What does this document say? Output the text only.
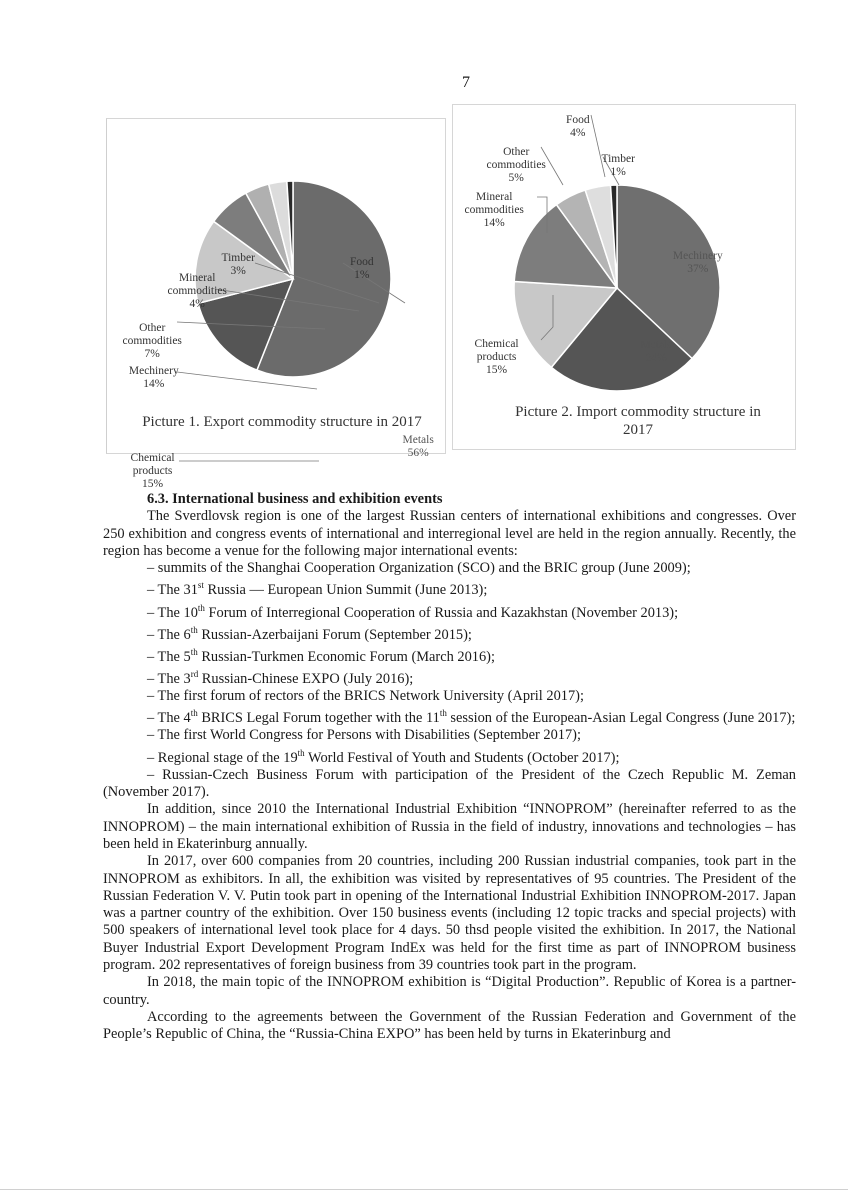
7
Metals 56%
Chemical products 15%
Mechinery 14%
Other commodities 7%
Mineral commodities 4%
Timber 3%
Food 1%
Picture 1. Export commodity structure in 2017
Mechinery 37%
Metals 24%
Chemical products 15%
Mineral commodities 14%
Other commodities 5%
Food 4%
Timber 1%
Picture 2. Import commodity structure in 2017
6.3. International business and exhibition events

The Sverdlovsk region is one of the largest Russian centers of international exhibitions and congresses. Over 250 exhibition and congress events of international and interregional level are held in the region annually. Recently, the region has become a venue for the following major international events:

– summits of the Shanghai Cooperation Organization (SCO) and the BRIC group (June 2009);

– The 31st Russia — European Union Summit (June 2013);

– The 10th Forum of Interregional Cooperation of Russia and Kazakhstan (November 2013);

– The 6th Russian-Azerbaijani Forum (September 2015);

– The 5th Russian-Turkmen Economic Forum (March 2016);

– The 3rd Russian-Chinese EXPO (July 2016);

– The first forum of rectors of the BRICS Network University (April 2017);

– The 4th BRICS Legal Forum together with the 11th session of the European-Asian Legal Congress (June 2017);

– The first World Congress for Persons with Disabilities (September 2017);

– Regional stage of the 19th World Festival of Youth and Students (October 2017);

– Russian-Czech Business Forum with participation of the President of the Czech Republic M. Zeman (November 2017).

In addition, since 2010 the International Industrial Exhibition “INNOPROM” (hereinafter referred to as the INNOPROM) – the main international exhibition of Russia in the field of industry, innovations and technologies – has been held in Ekaterinburg annually.

In 2017, over 600 companies from 20 countries, including 200 Russian industrial companies, took part in the INNOPROM as exhibitors. In all, the exhibition was visited by representatives of 95 countries. The President of the Russian Federation V. V. Putin took part in opening of the International Industrial Exhibition INNOPROM-2017. Japan was a partner country of the exhibition. Over 150 business events (including 12 topic tracks and special projects) with 500 speakers of international level took place for 4 days. 50 thsd people visited the exhibition. In 2017, the National Buyer Industrial Export Development Program IndEx was held for the first time as part of INNOPROM business program. 202 representatives of foreign business from 39 countries took part in the program.

In 2018, the main topic of the INNOPROM exhibition is “Digital Production”. Republic of Korea is a partner-country.

According to the agreements between the Government of the Russian Federation and Government of the People’s Republic of China, the “Russia-China EXPO” has been held by turns in Ekaterinburg and
